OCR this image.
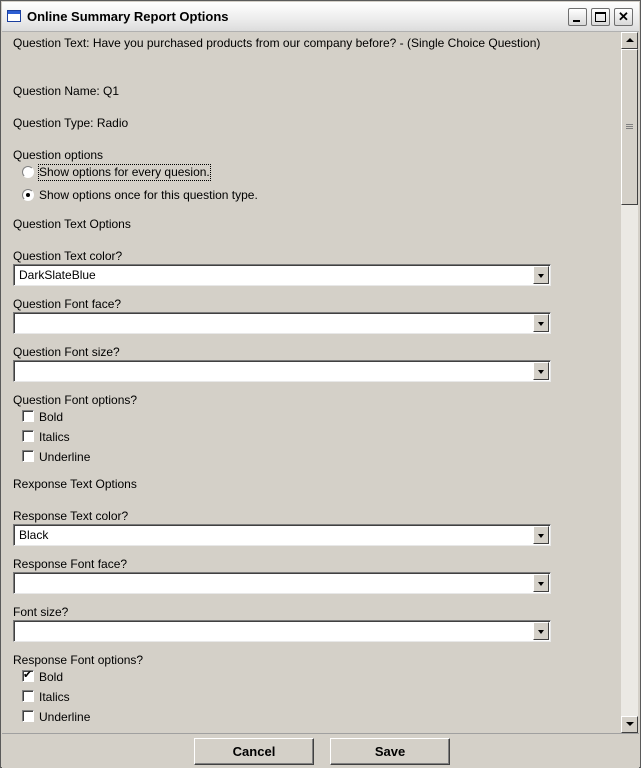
Online Summary Report Options	✕
Question Text: Have you purchased products from our company before? - (Single Choice Question)
Question Name: Q1
Question Type: Radio
Question options
Show options for every quesion.
Show options once for this question type.
Question Text Options
Question Text color?
DarkSlateBlue
Question Font face?
Question Font size?
Question Font options?
Bold
Italics
Underline
Rexponse Text Options
Response Text color?
Black
Response Font face?
Font size?
Response Font options?
✔
Bold
Italics
Underline
Cancel	Save
